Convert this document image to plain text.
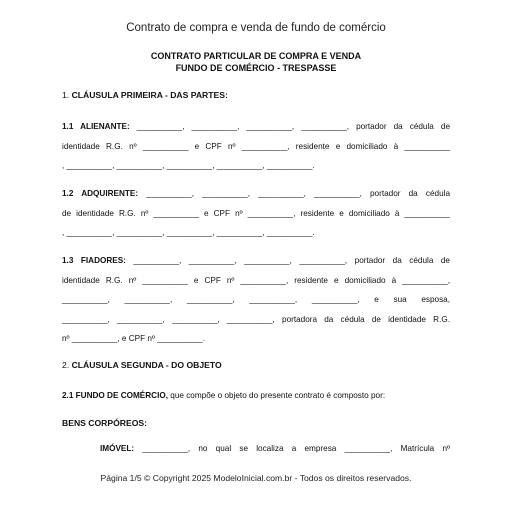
Contrato de compra e venda de fundo de comércio
CONTRATO PARTICULAR DE COMPRA E VENDA
FUNDO DE COMÉRCIO - TRESPASSE
1. CLÁUSULA PRIMEIRA - DAS PARTES:
1.1 ALIENANTE: __________, __________, __________, __________, portador da cédula de
identidade R.G. nº __________ e CPF nº __________, residente e domiciliado à __________
, __________, __________, __________, __________, __________.
1.2 ADQUIRENTE: __________, __________, __________, __________, portador da cédula
de identidade R.G. nº __________ e CPF nº __________, residente e domiciliado à __________
, __________, __________, __________, __________, __________.
1.3 FIADORES: __________, __________, __________, __________, portador da cédula de
identidade R.G. nº __________ e CPF nº __________, residente e domiciliado à __________,
__________, __________, __________, __________, __________, e sua esposa,
__________, __________, __________, __________, portadora da cédula de identidade R.G.
nº __________, e CPF nº __________.
2. CLÁUSULA SEGUNDA - DO OBJETO
2.1 FUNDO DE COMÉRCIO, que compõe o objeto do presente contrato é composto por:
BENS CORPÓREOS:
IMÓVEL: __________, no qual se localiza a empresa __________, Matrícula nº
Página 1/5 © Copyright 2025 ModeloInicial.com.br - Todos os direitos reservados.
